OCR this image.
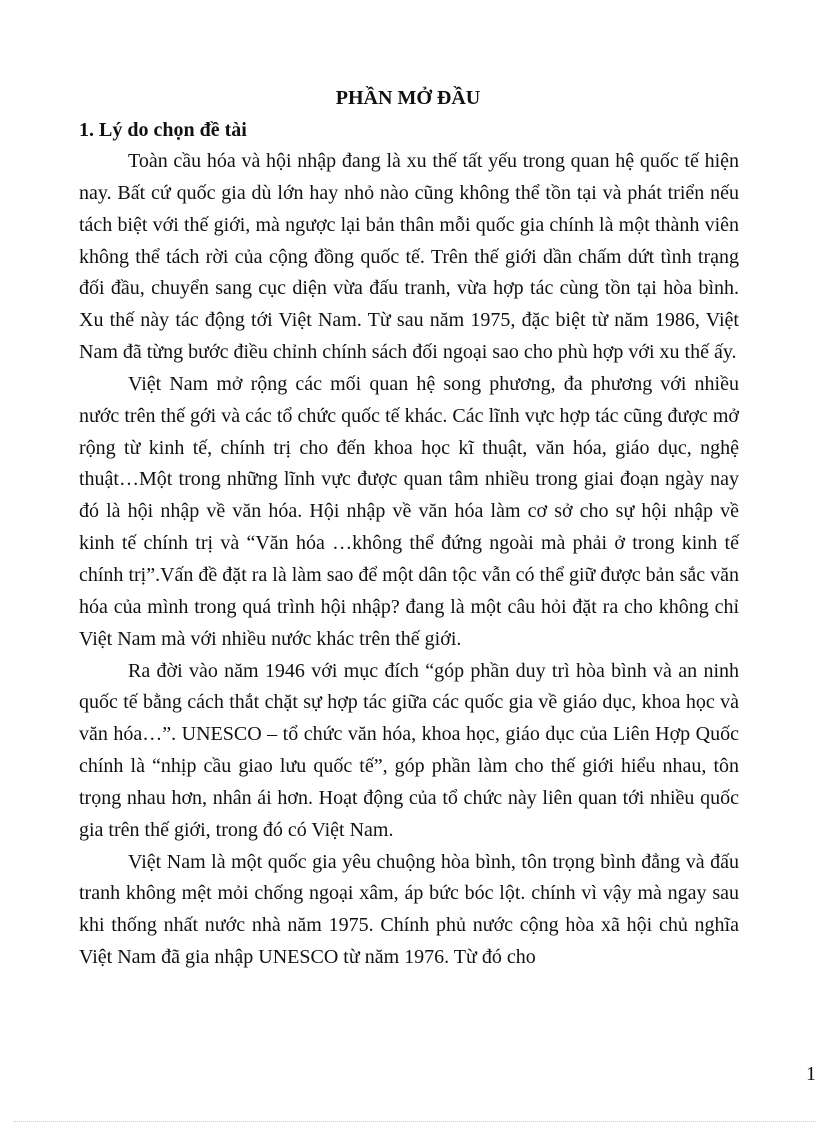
PHẦN MỞ ĐẦU
1. Lý do chọn đề tài

Toàn cầu hóa và hội nhập đang là xu thế tất yếu trong quan hệ quốc tế hiện nay. Bất cứ quốc gia dù lớn hay nhỏ nào cũng không thể tồn tại và phát triển nếu tách biệt với thế giới, mà ngược lại bản thân mỗi quốc gia chính là một thành viên không thể tách rời của cộng đồng quốc tế. Trên thế giới dần chấm dứt tình trạng đối đầu, chuyển sang cục diện vừa đấu tranh, vừa hợp tác cùng tồn tại hòa bình. Xu thế này tác động tới Việt Nam. Từ sau năm 1975, đặc biệt từ năm 1986, Việt Nam đã từng bước điều chỉnh chính sách đối ngoại sao cho phù hợp với xu thế ấy.

Việt Nam mở rộng các mối quan hệ song phương, đa phương với nhiều nước trên thế gới và các tổ chức quốc tế khác. Các lĩnh vực hợp tác cũng được mở rộng từ kinh tế, chính trị cho đến khoa học kĩ thuật, văn hóa, giáo dục, nghệ thuật…Một trong những lĩnh vực được quan tâm nhiều trong giai đoạn ngày nay đó là hội nhập về văn hóa. Hội nhập về văn hóa làm cơ sở cho sự hội nhập về kinh tế chính trị và “Văn hóa …không thể đứng ngoài mà phải ở trong kinh tế chính trị”.Vấn đề đặt ra là làm sao để một dân tộc vẫn có thể giữ được bản sắc văn hóa của mình trong quá trình hội nhập? đang là một câu hỏi đặt ra cho không chỉ Việt Nam mà với nhiều nước khác trên thế giới.

Ra đời vào năm 1946 với mục đích “góp phần duy trì hòa bình và an ninh quốc tế bằng cách thắt chặt sự hợp tác giữa các quốc gia về giáo dục, khoa học và văn hóa…”. UNESCO – tổ chức văn hóa, khoa học, giáo dục của Liên Hợp Quốc chính là “nhịp cầu giao lưu quốc tế”, góp phần làm cho thế giới hiểu nhau, tôn trọng nhau hơn, nhân ái hơn. Hoạt động của tổ chức này liên quan tới nhiều quốc gia trên thế giới, trong đó có Việt Nam.

Việt Nam là một quốc gia yêu chuộng hòa bình, tôn trọng bình đẳng và đấu tranh không mệt mỏi chống ngoại xâm, áp bức bóc lột. chính vì vậy mà ngay sau khi thống nhất nước nhà năm 1975. Chính phủ nước cộng hòa xã hội chủ nghĩa Việt Nam đã gia nhập UNESCO từ năm 1976. Từ đó cho

1
